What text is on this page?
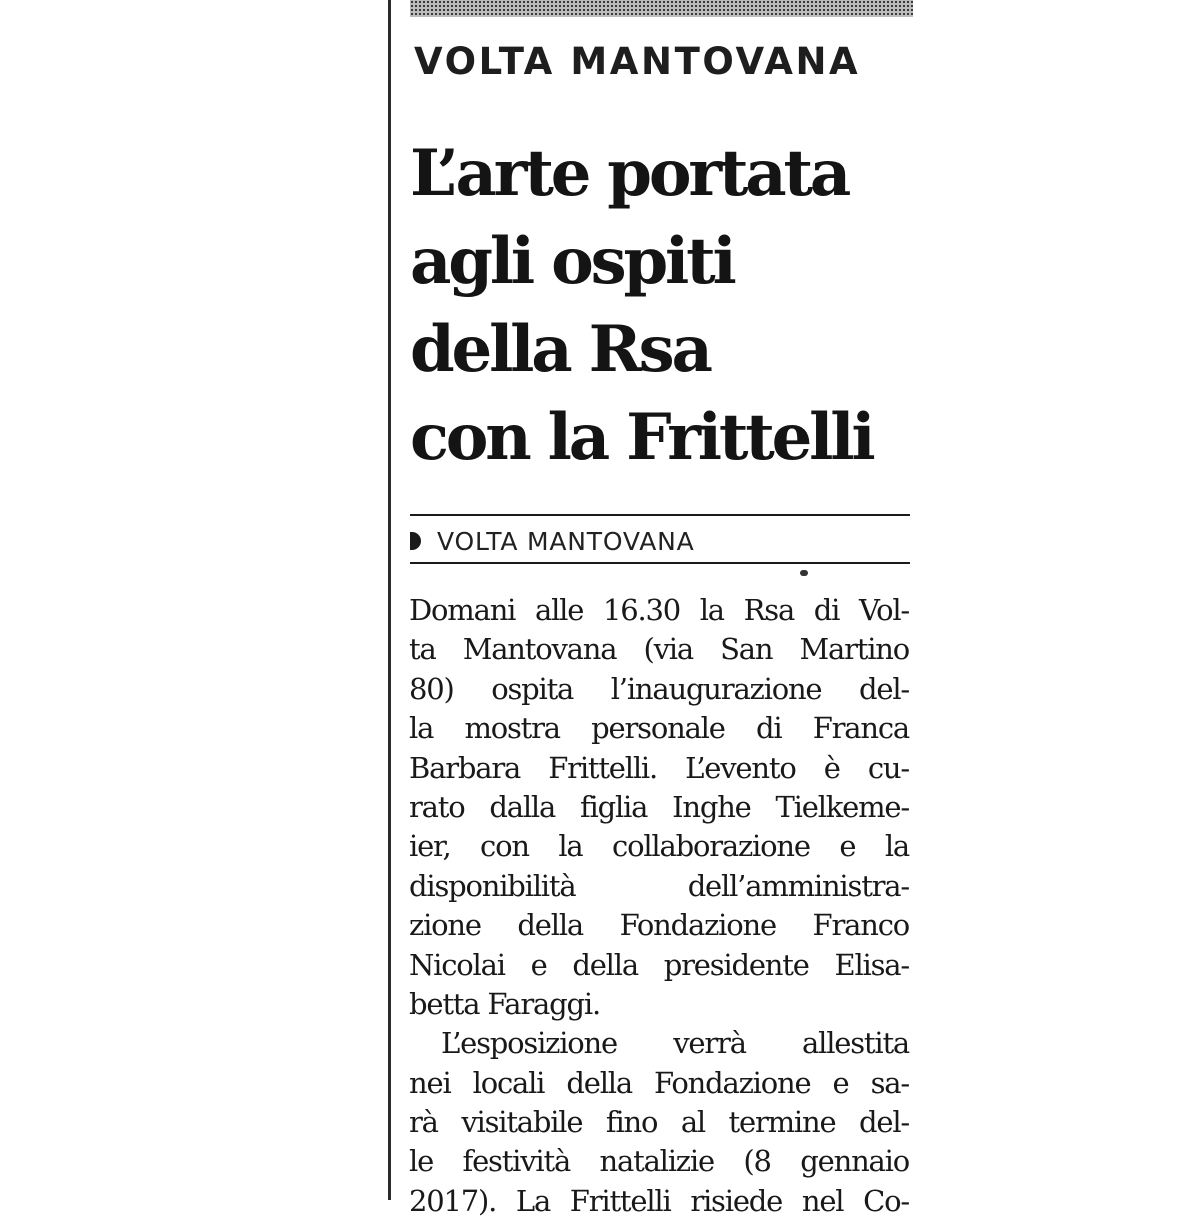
VOLTA MANTOVANA
L’arte portata
agli ospiti
della Rsa
con la Frittelli
VOLTA MANTOVANA
Domani alle 16.30 la Rsa di Vol-
ta Mantovana (via San Martino
80) ospita l’inaugurazione del-
la mostra personale di Franca
Barbara Frittelli. L’evento è cu-
rato dalla figlia Inghe Tielkeme-
ier, con la collaborazione e la
disponibilità dell’amministra-
zione della Fondazione Franco
Nicolai e della presidente Elisa-
betta Faraggi.
L’esposizione verrà allestita
nei locali della Fondazione e sa-
rà visitabile fino al termine del-
le festività natalizie (8 gennaio
2017). La Frittelli risiede nel Co-
